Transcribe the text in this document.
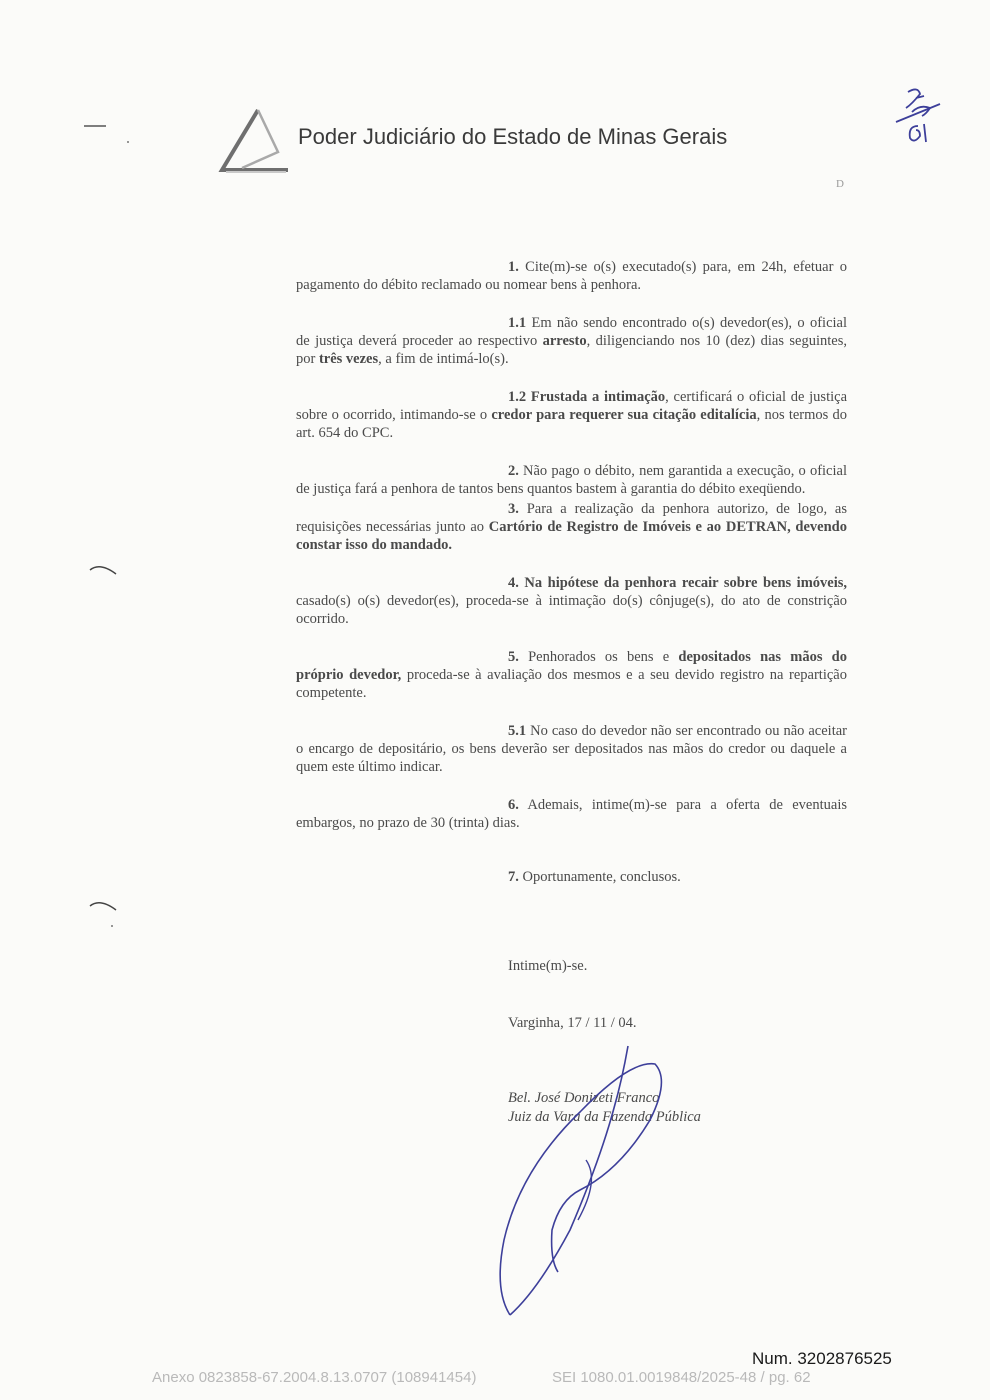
Poder Judiciário do Estado de Minas Gerais
D

1. Cite(m)-se o(s) executado(s) para, em 24h, efetuar o pagamento do débito reclamado ou nomear bens à penhora.

1.1 Em não sendo encontrado o(s) devedor(es), o oficial de justiça deverá proceder ao respectivo arresto, diligenciando nos 10 (dez) dias seguintes, por três vezes, a fim de intimá-lo(s).

1.2 Frustada a intimação, certificará o oficial de justiça sobre o ocorrido, intimando-se o credor para requerer sua citação editalícia, nos termos do art. 654 do CPC.

2. Não pago o débito, nem garantida a execução, o oficial de justiça fará a penhora de tantos bens quantos bastem à garantia do débito exeqüendo.

3. Para a realização da penhora autorizo, de logo, as requisições necessárias junto ao Cartório de Registro de Imóveis e ao DETRAN, devendo constar isso do mandado.

4. Na hipótese da penhora recair sobre bens imóveis, casado(s) o(s) devedor(es), proceda-se à intimação do(s) cônjuge(s), do ato de constrição ocorrido.

5. Penhorados os bens e depositados nas mãos do próprio devedor, proceda-se à avaliação dos mesmos e a seu devido registro na repartição competente.

5.1 No caso do devedor não ser encontrado ou não aceitar o encargo de depositário, os bens deverão ser depositados nas mãos do credor ou daquele a quem este último indicar.

6. Ademais, intime(m)-se para a oferta de eventuais embargos, no prazo de 30 (trinta) dias.

7. Oportunamente, conclusos.

Intime(m)-se.
Varginha, 17 / 11 / 04.
Bel. José Donizeti Franco
Juiz da Vara da Fazenda Pública
Num. 3202876525
Anexo 0823858-67.2004.8.13.0707 (108941454)	SEI 1080.01.0019848/2025-48 / pg. 62
